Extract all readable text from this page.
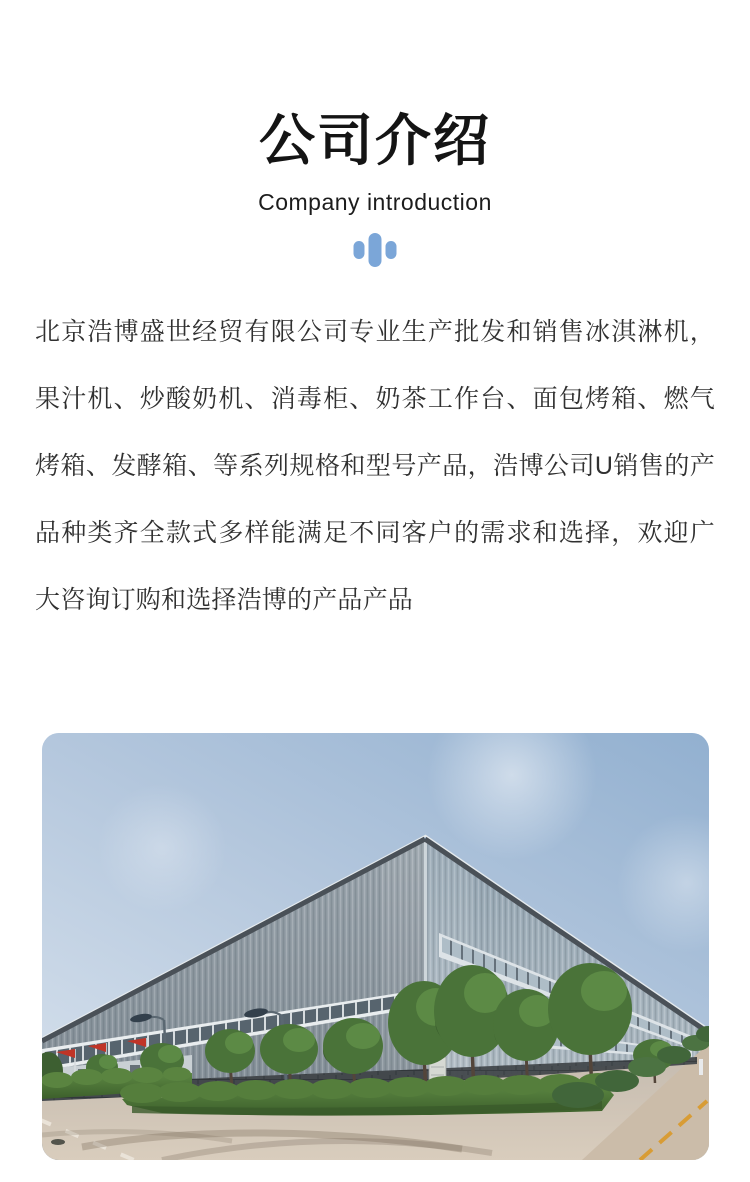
公司介绍
Company introduction

北京浩博盛世经贸有限公司专业生产批发和销售冰淇淋机，果汁机、炒酸奶机、消毒柜、奶茶工作台、面包烤箱、燃气烤箱、发酵箱、等系列规格和型号产品，浩博公司U销售的产品种类齐全款式多样能满足不同客户的需求和选择，欢迎广大咨询订购和选择浩博的产品产品
